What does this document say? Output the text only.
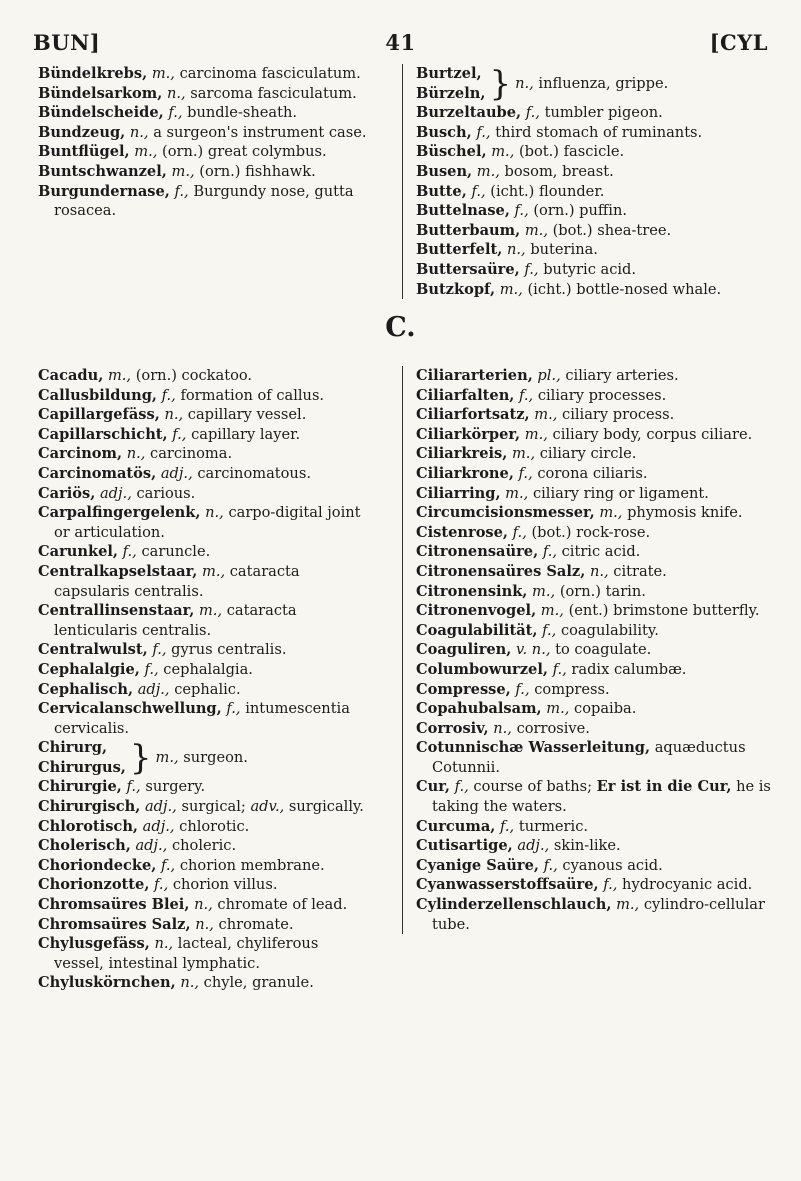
BUN]	41	[CYL

Bündelkrebs, m., carcinoma fasciculatum.

Bündelsarkom, n., sarcoma fasciculatum.

Bündelscheide, f., bundle-sheath.

Bundzeug, n., a surgeon's instrument case.

Buntflügel, m., (orn.) great colymbus.

Buntschwanzel, m., (orn.) fishhawk.

Burgundernase, f., Burgundy nose, gutta rosacea.

Burtzel,
Bürzeln, } n., influenza, grippe.

Burzeltaube, f., tumbler pigeon.

Busch, f., third stomach of ruminants.

Büschel, m., (bot.) fascicle.

Busen, m., bosom, breast.

Butte, f., (icht.) flounder.

Buttelnase, f., (orn.) puffin.

Butterbaum, m., (bot.) shea-tree.

Butterfelt, n., buterina.

Buttersaüre, f., butyric acid.

Butzkopf, m., (icht.) bottle-nosed whale.

C.

Cacadu, m., (orn.) cockatoo.

Callusbildung, f., formation of callus.

Capillargefäss, n., capillary vessel.

Capillarschicht, f., capillary layer.

Carcinom, n., carcinoma.

Carcinomatös, adj., carcinomatous.

Cariös, adj., carious.

Carpalfingergelenk, n., carpo-digital joint or articulation.

Carunkel, f., caruncle.

Centralkapselstaar, m., cataracta capsularis centralis.

Centrallinsenstaar, m., cataracta lenticularis centralis.

Centralwulst, f., gyrus centralis.

Cephalalgie, f., cephalalgia.

Cephalisch, adj., cephalic.

Cervicalanschwellung, f., intumescentia cervicalis.

Chirurg,
Chirurgus, } m., surgeon.

Chirurgie, f., surgery.

Chirurgisch, adj., surgical; adv., surgically.

Chlorotisch, adj., chlorotic.

Cholerisch, adj., choleric.

Choriondecke, f., chorion membrane.

Chorionzotte, f., chorion villus.

Chromsaüres Blei, n., chromate of lead.

Chromsaüres Salz, n., chromate.

Chylusgefäss, n., lacteal, chyliferous vessel, intestinal lymphatic.

Chyluskörnchen, n., chyle, granule.

Ciliararterien, pl., ciliary arteries.

Ciliarfalten, f., ciliary processes.

Ciliarfortsatz, m., ciliary process.

Ciliarkörper, m., ciliary body, corpus ciliare.

Ciliarkreis, m., ciliary circle.

Ciliarkrone, f., corona ciliaris.

Ciliarring, m., ciliary ring or ligament.

Circumcisionsmesser, m., phymosis knife.

Cistenrose, f., (bot.) rock-rose.

Citronensaüre, f., citric acid.

Citronensaüres Salz, n., citrate.

Citronensink, m., (orn.) tarin.

Citronenvogel, m., (ent.) brimstone butterfly.

Coagulabilität, f., coagulability.

Coaguliren, v. n., to coagulate.

Columbowurzel, f., radix calumbæ.

Compresse, f., compress.

Copahubalsam, m., copaiba.

Corrosiv, n., corrosive.

Cotunnischæ Wasserleitung, aquæductus Cotunnii.

Cur, f., course of baths; Er ist in die Cur, he is taking the waters.

Curcuma, f., turmeric.

Cutisartige, adj., skin-like.

Cyanige Saüre, f., cyanous acid.

Cyanwasserstoffsaüre, f., hydrocyanic acid.

Cylinderzellenschlauch, m., cylindro-cellular tube.
